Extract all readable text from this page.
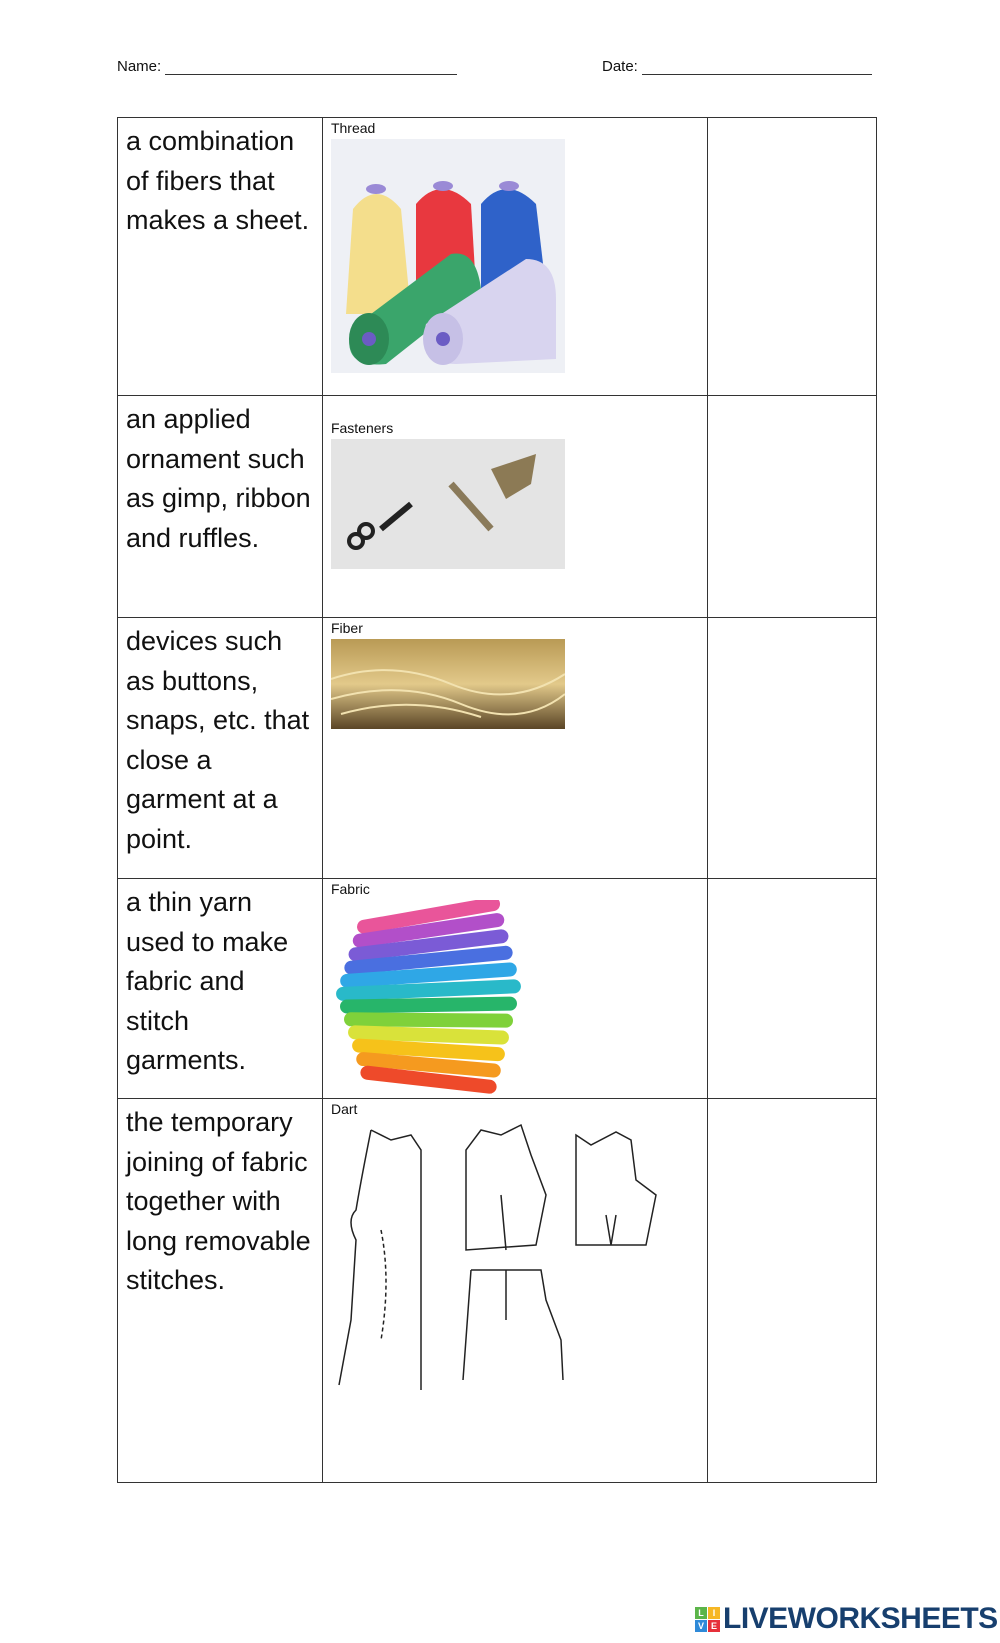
Name:	Date:
a combination of fibers that makes a sheet.	Thread	

an applied ornament such as gimp, ribbon and ruffles.	Fasteners	

devices such as buttons, snaps, etc. that close a garment at a point.	Fiber	

a thin yarn used to make fabric and stitch garments.	Fabric	

the temporary joining of fabric together with long removable stitches.	Dart	

L I
V E LIVEWORKSHEETS
